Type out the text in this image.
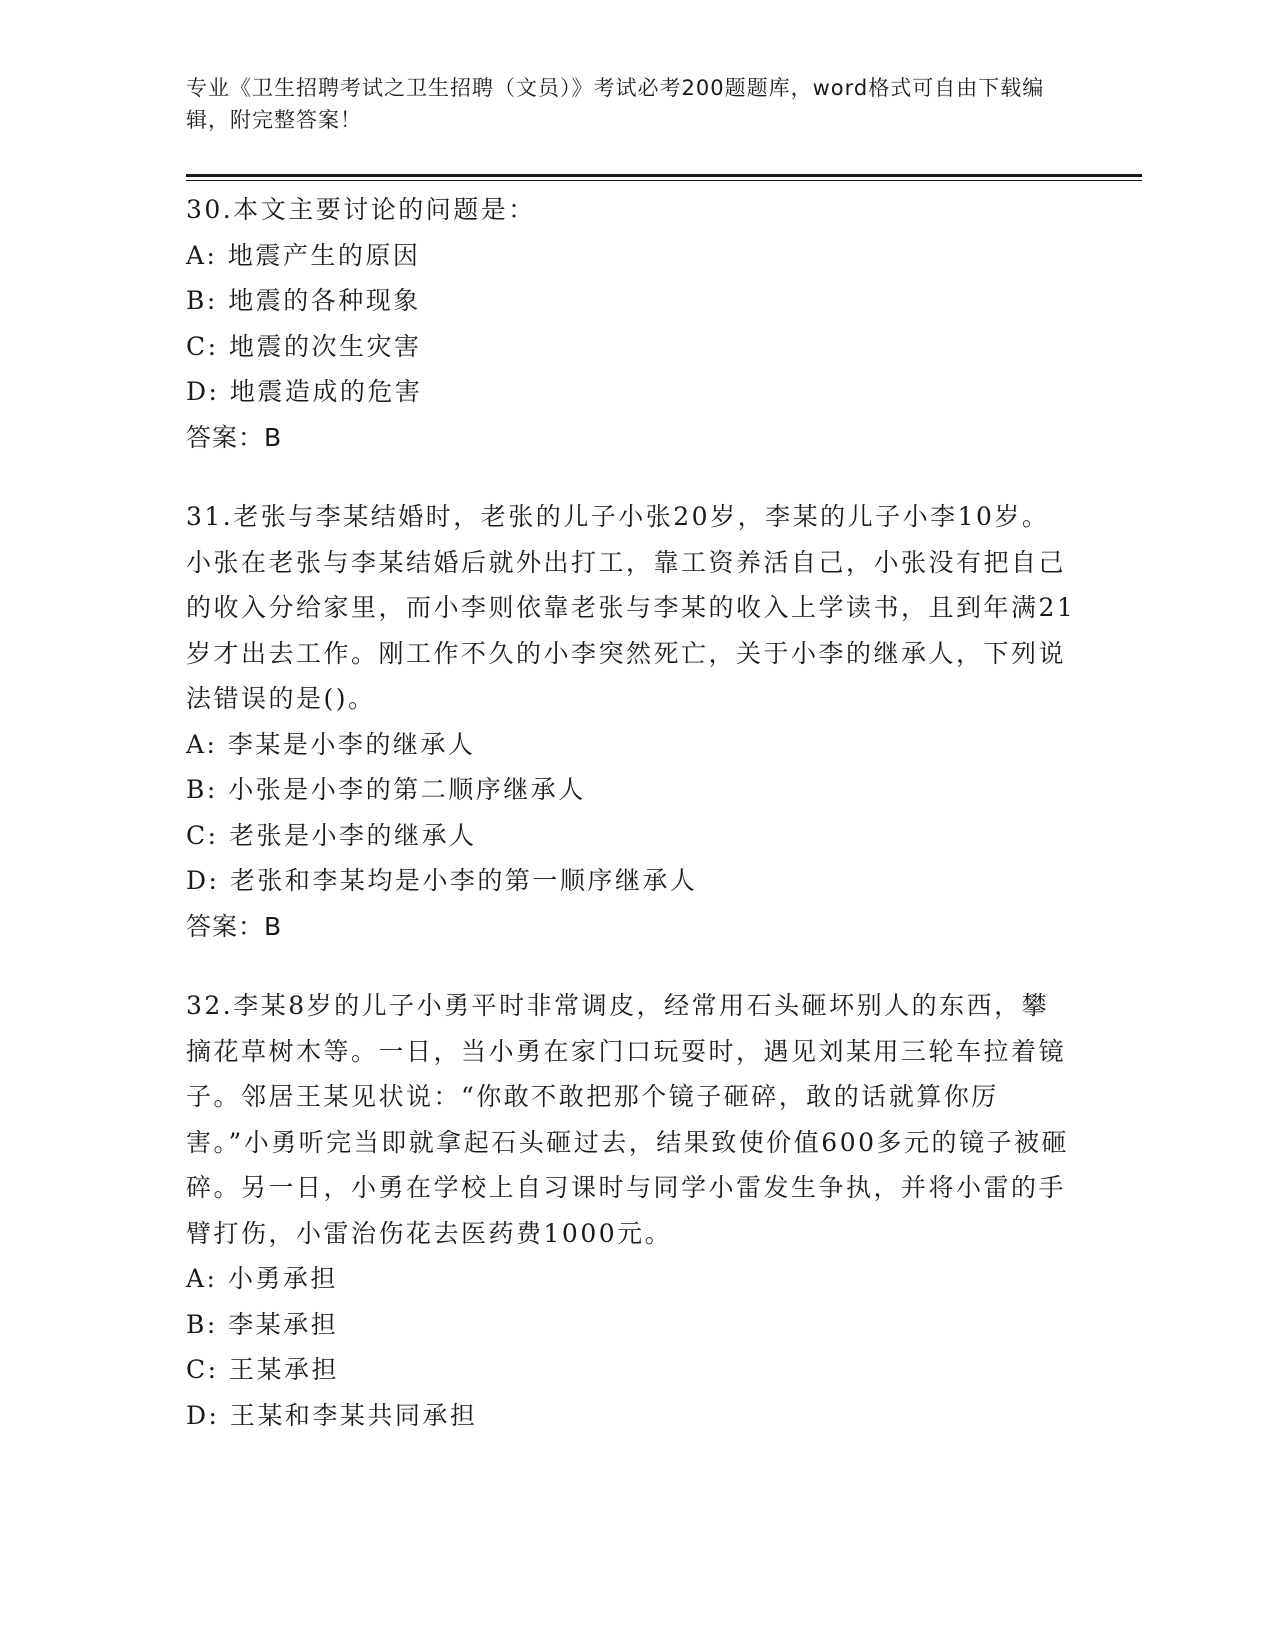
专业《卫生招聘考试之卫生招聘（文员）》考试必考200题题库，word格式可自由下载编辑，附完整答案！

30.本文主要讨论的问题是：

A: 地震产生的原因

B: 地震的各种现象

C: 地震的次生灾害

D: 地震造成的危害

答案：B

31.老张与李某结婚时，老张的儿子小张20岁，李某的儿子小李10岁。小张在老张与李某结婚后就外出打工，靠工资养活自己，小张没有把自己的收入分给家里，而小李则依靠老张与李某的收入上学读书，且到年满21岁才出去工作。刚工作不久的小李突然死亡，关于小李的继承人，下列说法错误的是()。

A: 李某是小李的继承人

B: 小张是小李的第二顺序继承人

C: 老张是小李的继承人

D: 老张和李某均是小李的第一顺序继承人

答案：B

32.李某8岁的儿子小勇平时非常调皮，经常用石头砸坏别人的东西，攀摘花草树木等。一日，当小勇在家门口玩耍时，遇见刘某用三轮车拉着镜子。邻居王某见状说：“你敢不敢把那个镜子砸碎，敢的话就算你厉害。”小勇听完当即就拿起石头砸过去，结果致使价值600多元的镜子被砸碎。另一日，小勇在学校上自习课时与同学小雷发生争执，并将小雷的手臂打伤，小雷治伤花去医药费1000元。

A: 小勇承担

B: 李某承担

C: 王某承担

D: 王某和李某共同承担
